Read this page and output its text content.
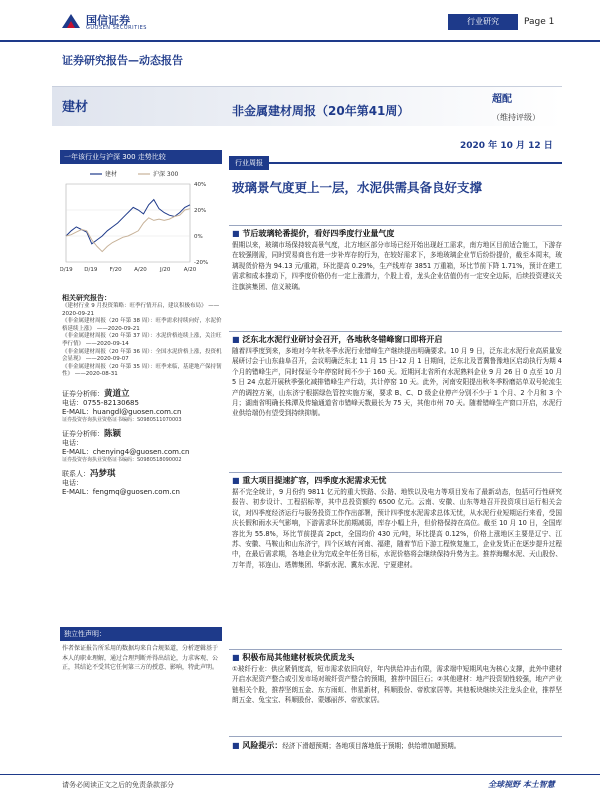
国信证券
GUOSEN SECURITIES
行业研究	Page 1
证券研究报告—动态报告
建材	非金属建材周报（20年第41周）
超配
（维持评级）
2020 年 10 月 12 日
一年该行业与沪深 300 走势比较
40%
20%
0%
-20%
O/19 D/19 F/20 A/20 J/20 A/20
建材	沪深 300
相关研究报告：
《建材行业 9 月投资策略：旺季行情开启，建议积极布局》 ——2020-09-21
《非金属建材周报（20 年第 38 周）：旺季需求持续向好，水泥价格延续上涨》 ——2020-09-21
《非金属建材周报（20 年第 37 周）：水泥价格连续上涨，关注旺季行情》 ——2020-09-14
《非金属建材周报（20 年第 36 周）：全国水泥价格上涨，投资机会显现》 ——2020-09-07
《非金属建材周报（20 年第 35 周）：旺季来临，基建地产保持韧性》 ——2020-08-31
证券分析师：黄道立
电话：0755-82130685
E-MAIL：huangdl@guosen.com.cn
证券投资咨询执业资格证书编码：S0980511070003
证券分析师：陈颖
电话：
E-MAIL：chenying4@guosen.com.cn
证券投资咨询执业资格证书编码：S0980518090002
联系人：冯梦琪
电话：
E-MAIL：fengmq@guosen.com.cn
独立性声明：
作者保证报告所采用的数据均来自合规渠道，分析逻辑基于本人的职业理解，通过合理判断并得出结论，力求客观、公正，其结论不受其它任何第三方的授意、影响，特此声明。
行业周报
玻璃景气度更上一层，水泥供需具备良好支撑
■ 节后玻璃轮番提价，看好四季度行业量气度
假期以来，玻璃市场保持较高景气度，北方地区部分市场已经开始出现赶工需求，南方地区目前适合施工，下游存在较强刚需，同时贸易商也有进一步补库存的行为，在较好需求下，多地玻璃企业节后纷纷提价，截至本周末，玻璃现货价格为 94.13 元/重箱，环比提高 0.29%，生产线库存 3851 万重箱，环比节前下降 1.71%，预计在建工需求和成本推动下，四季度价格仍有一定上涨潜力，个股上看，龙头企业估值仍有一定安全边际，后续投资建议关注旗滨集团、信义玻璃。
■ 泛东北水泥行业研讨会召开，各地秋冬错峰窗口即将开启
随着四季度到来，多地对今年秋冬季水泥行业错峰生产继续提出明确要求。10 月 9 日，泛东北水泥行业高质量发展研讨会于山东曲阜召开，会议明确泛东北 11 月 15 日-12 月 1 日期间，泛东北及晋冀鲁豫地区启动执行为期 4 个月的错峰生产，同时保证今年停窑时间不少于 160 天。近期河北省所有水泥熟料企业 9 月 26 日 0 点至 10 月 5 日 24 点起开展秋季强化减排错峰生产行动，共计停窑 10 天。此外，河南安阳提出秋冬季粉磨站单双号轮流生产的调控方案，山东济宁根据绿色管控实施方案，要求 B、C、D 级企业停产分别不少于 1 个月、2 个月和 3 个月；湖南省明确长株潭及传输通道省市错峰天数最长为 75 天，其他市州 70 天。随着错峰生产窗口开启，水泥行业供给端仍有望受到持续抑制。
■ 重大项目提速扩容，四季度水泥需求无忧
据不完全统计，9 月份约 9811 亿元的重大铁路、公路、地铁以及电力等项目发布了最新动态，包括可行性研究报告、初步设计、工程招标等，其中总投资额约 6500 亿元。云南、安徽、山东等地召开投资项目运行相关会议，对四季度经济运行与服务投资工作作出部署，预计四季度水泥需求总体无忧，从水泥行业短期运行来看，受国庆长假和雨水天气影响，下游需求环比前期减弱，库存小幅上升，但价格保持在高位。截至 10 月 10 日，全国库容比为 55.8%，环比节前提高 2pct，全国均价 430 元/吨，环比提高 0.12%，价格上涨地区主要是辽宁、江苏、安徽、马鞍山和山东济宁，四个区域有河南、福建，随着节后下游工程恢复施工，企业发货正在逐步提升过程中，在最后需求期，各地企业为完成全年任务目标，水泥价格将会继续保持升势为主。推荐海螺水泥、天山股份、万年青，祁连山、塔牌集团、华新水泥、冀东水泥、宁夏建材。
■ 积极布局其他建材板块优质龙头
①玻纤行业：供应紧俏度高，短市需求依旧向好，年内供给冲击有限，需求端中短期风电为核心支撑，此外中建材开启水泥资产整合或引发市场对玻纤资产整合的预期，推荐中国巨石；②其他建材：地产投资韧性较强，地产产业链相关个股，推荐坚朗五金、东方雨虹、伟星新材，科顺股份、帝欧家居等。其他板块继续关注龙头企业，推荐坚朗五金、兔宝宝、科顺股份、蒙娜丽莎、帝欧家居。
■ 风险提示：经济下滑超预期；各地项目落地低于预期；供给增加超预期。
请务必阅读正文之后的免责条款部分	全球视野 本土智慧
